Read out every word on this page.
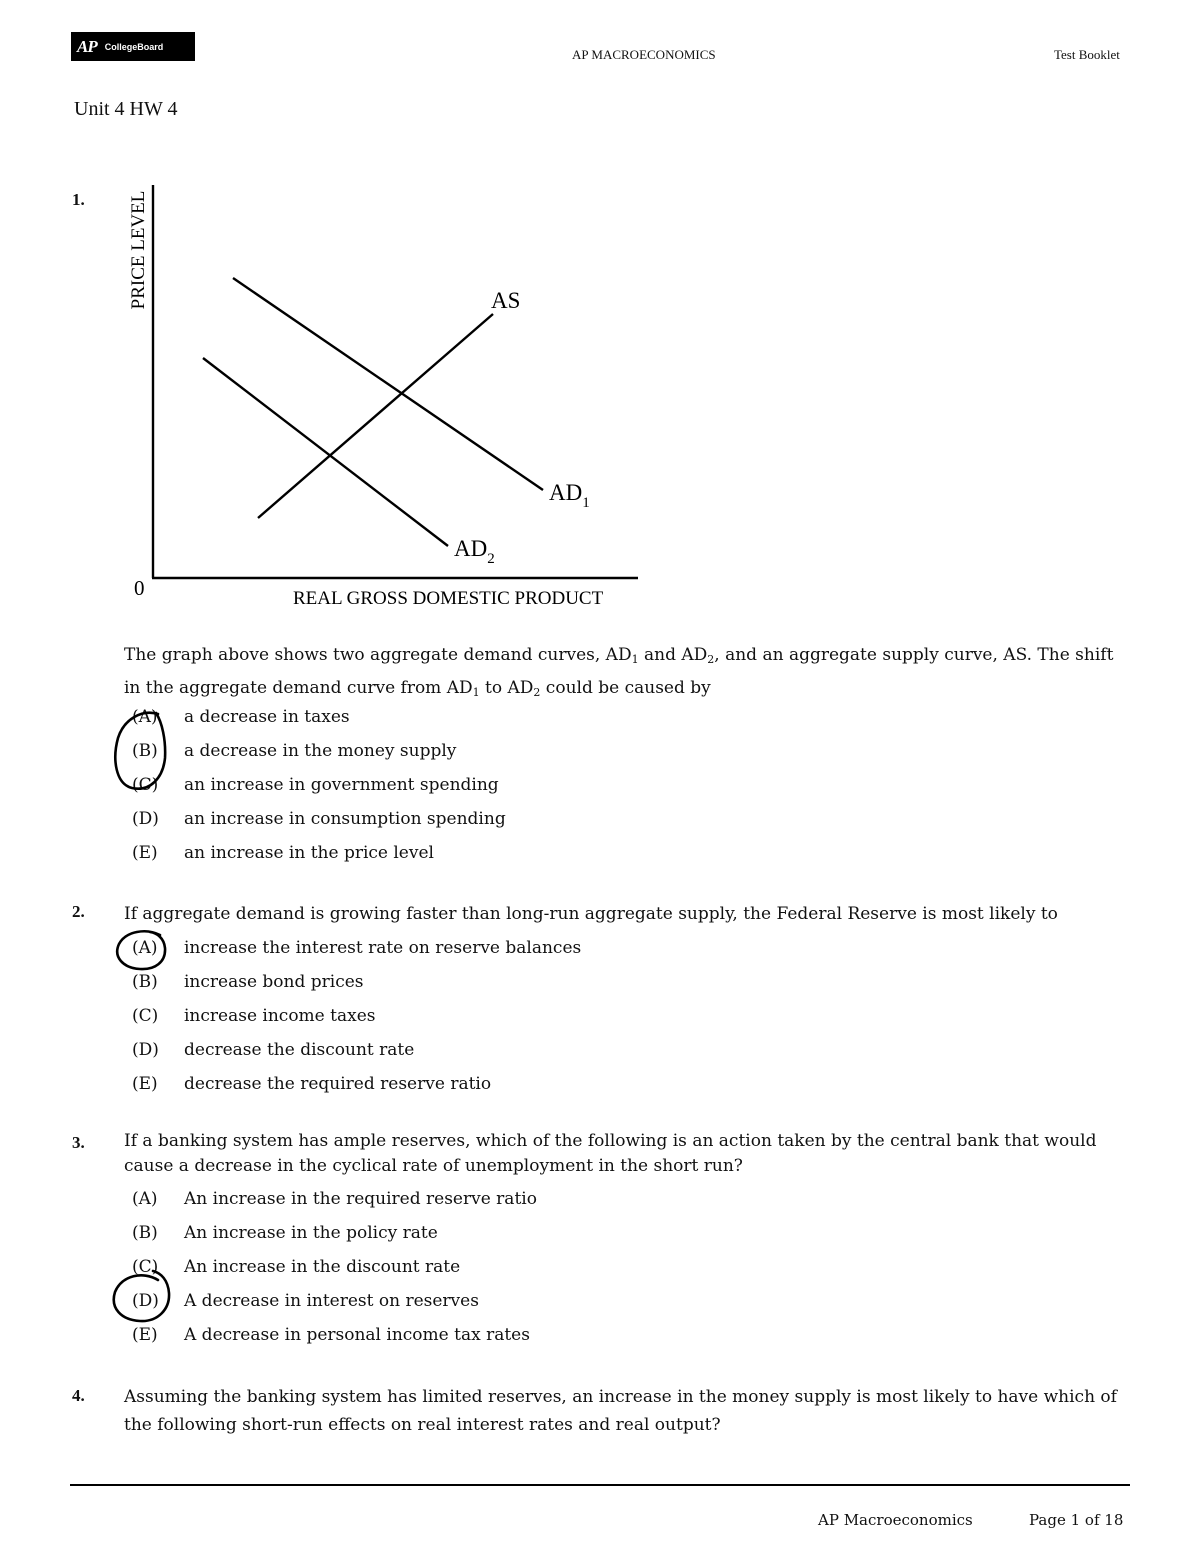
AP CollegeBoard
AP MACROECONOMICS	Test Booklet
Unit 4 HW 4
1. PRICE LEVEL
REAL GROSS DOMESTIC PRODUCT
0
AS
$AD_1$
$AD_2$
The graph above shows two aggregate demand curves, $AD_1$ and $AD_2$, and an aggregate supply curve, AS. The shift in the aggregate demand curve from $AD_1$ to $AD_2$ could be caused by
(A)	a decrease in taxes
(B)	a decrease in the money supply
(C)	an increase in government spending
(D)	an increase in consumption spending
(E)	an increase in the price level
2. If aggregate demand is growing faster than long-run aggregate supply, the Federal Reserve is most likely to
(A)	increase the interest rate on reserve balances
(B)	increase bond prices
(C)	increase income taxes
(D)	decrease the discount rate
(E)	decrease the required reserve ratio
3. If a banking system has ample reserves, which of the following is an action taken by the central bank that would cause a decrease in the cyclical rate of unemployment in the short run?
(A)	An increase in the required reserve ratio
(B)	An increase in the policy rate
(C)	An increase in the discount rate
(D)	A decrease in interest on reserves
(E)	A decrease in personal income tax rates
4. Assuming the banking system has limited reserves, an increase in the money supply is most likely to have which of the following short-run effects on real interest rates and real output?
AP Macroeconomics	Page 1 of 18
